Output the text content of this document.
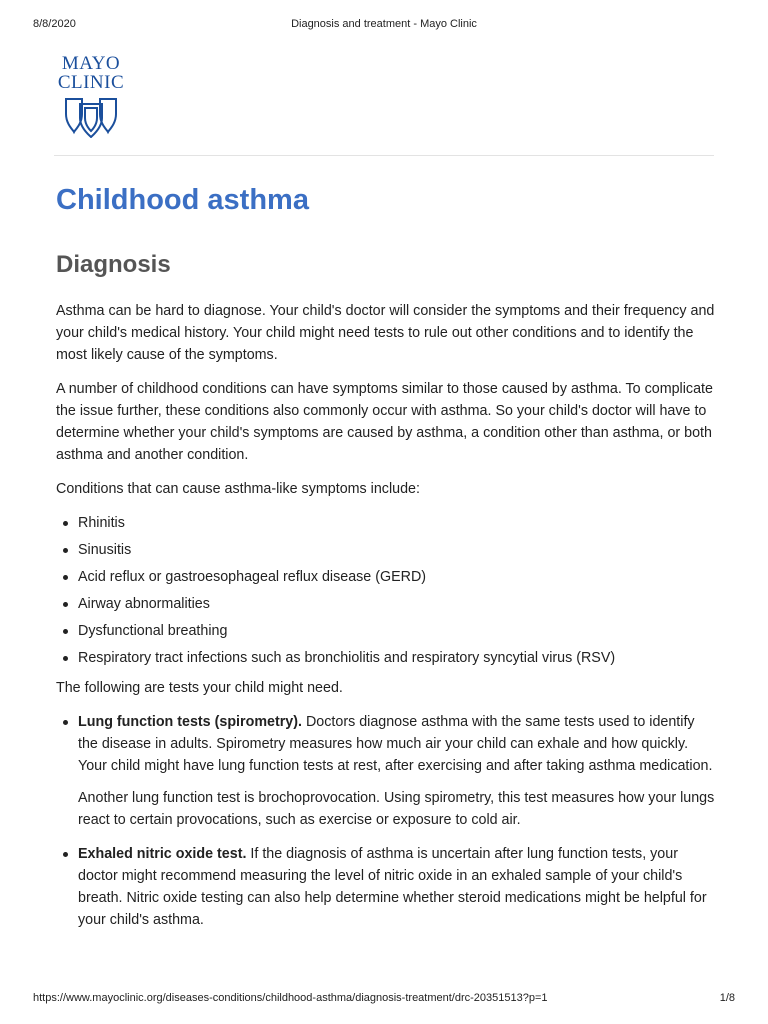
8/8/2020	Diagnosis and treatment - Mayo Clinic
MAYO
CLINIC
Childhood asthma
Diagnosis

Asthma can be hard to diagnose. Your child's doctor will consider the symptoms and their frequency and your child's medical history. Your child might need tests to rule out other conditions and to identify the most likely cause of the symptoms.

A number of childhood conditions can have symptoms similar to those caused by asthma. To complicate the issue further, these conditions also commonly occur with asthma. So your child's doctor will have to determine whether your child's symptoms are caused by asthma, a condition other than asthma, or both asthma and another condition.

Conditions that can cause asthma-like symptoms include:

Rhinitis
Sinusitis
Acid reflux or gastroesophageal reflux disease (GERD)
Airway abnormalities
Dysfunctional breathing
Respiratory tract infections such as bronchiolitis and respiratory syncytial virus (RSV)

The following are tests your child might need.

Lung function tests (spirometry). Doctors diagnose asthma with the same tests used to identify the disease in adults. Spirometry measures how much air your child can exhale and how quickly. Your child might have lung function tests at rest, after exercising and after taking asthma medication.
Another lung function test is brochoprovocation. Using spirometry, this test measures how your lungs react to certain provocations, such as exercise or exposure to cold air.
Exhaled nitric oxide test. If the diagnosis of asthma is uncertain after lung function tests, your doctor might recommend measuring the level of nitric oxide in an exhaled sample of your child's breath. Nitric oxide testing can also help determine whether steroid medications might be helpful for your child's asthma.
https://www.mayoclinic.org/diseases-conditions/childhood-asthma/diagnosis-treatment/drc-20351513?p=1	1/8
